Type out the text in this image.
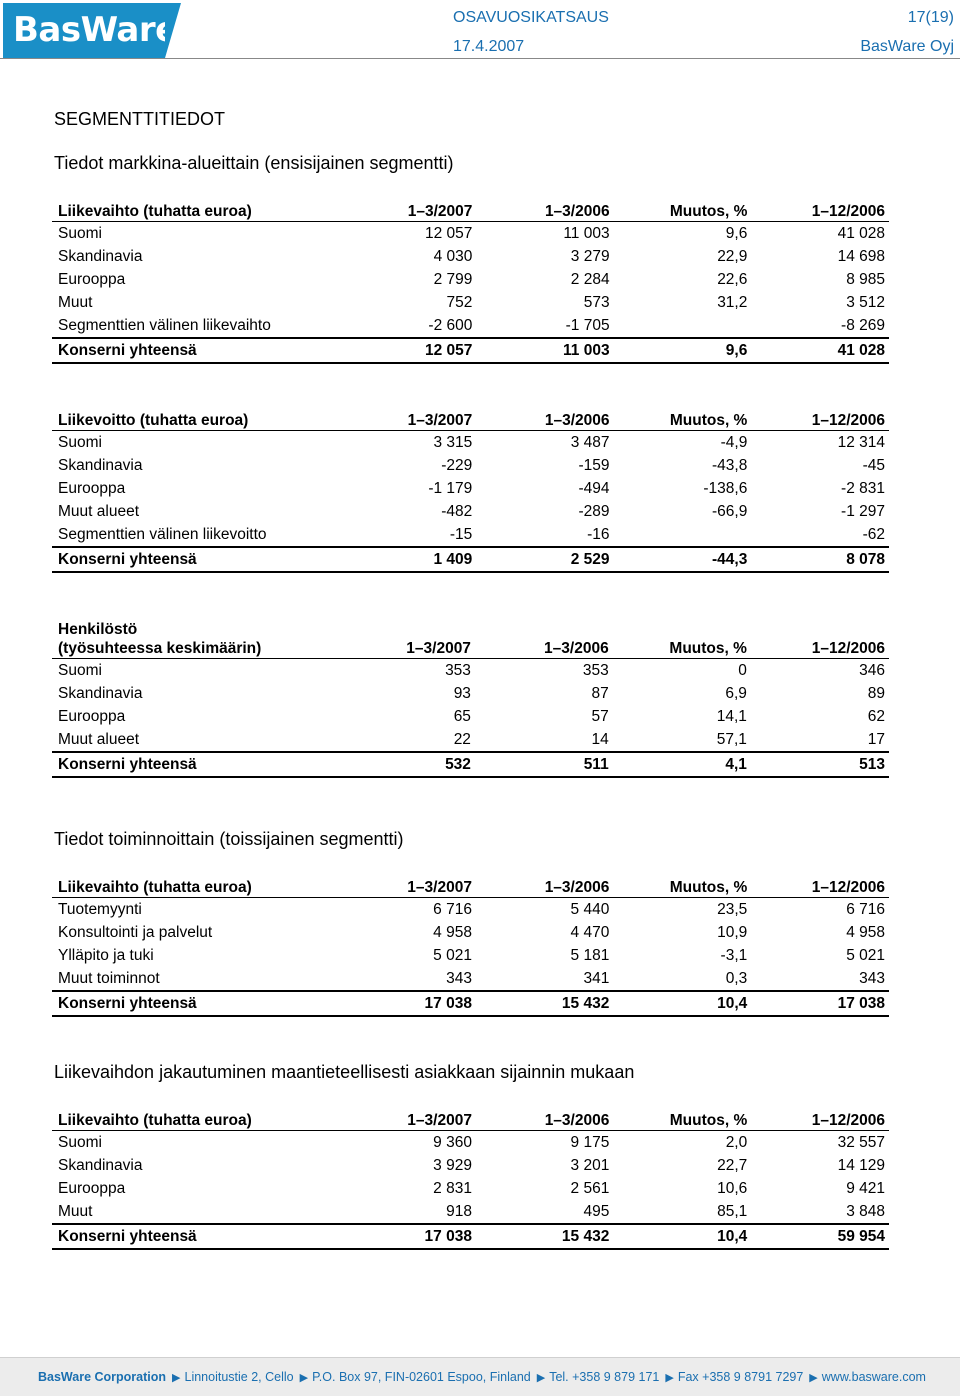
BasWare	OSAVUOSIKATSAUS	17(19)
17.4.2007	BasWare Oyj
SEGMENTTITIEDOT
Tiedot markkina-alueittain (ensisijainen segmentti)
Liikevaihto (tuhatta euroa)	1–3/2007	1–3/2006	Muutos, %	1–12/2006
Suomi	12 057	11 003	9,6	41 028
Skandinavia	4 030	3 279	22,9	14 698
Eurooppa	2 799	2 284	22,6	8 985
Muut	752	573	31,2	3 512
Segmenttien välinen liikevaihto	-2 600	-1 705		-8 269
Konserni yhteensä	12 057	11 003	9,6	41 028
Liikevoitto (tuhatta euroa)	1–3/2007	1–3/2006	Muutos, %	1–12/2006
Suomi	3 315	3 487	-4,9	12 314
Skandinavia	-229	-159	-43,8	-45
Eurooppa	-1 179	-494	-138,6	-2 831
Muut alueet	-482	-289	-66,9	-1 297
Segmenttien välinen liikevoitto	-15	-16		-62
Konserni yhteensä	1 409	2 529	-44,3	8 078
Henkilöstö
(työsuhteessa keskimäärin)	1–3/2007	1–3/2006	Muutos, %	1–12/2006
Suomi	353	353	0	346
Skandinavia	93	87	6,9	89
Eurooppa	65	57	14,1	62
Muut alueet	22	14	57,1	17
Konserni yhteensä	532	511	4,1	513
Tiedot toiminnoittain (toissijainen segmentti)
Liikevaihto (tuhatta euroa)	1–3/2007	1–3/2006	Muutos, %	1–12/2006
Tuotemyynti	6 716	5 440	23,5	6 716
Konsultointi ja palvelut	4 958	4 470	10,9	4 958
Ylläpito ja tuki	5 021	5 181	-3,1	5 021
Muut toiminnot	343	341	0,3	343
Konserni yhteensä	17 038	15 432	10,4	17 038
Liikevaihdon jakautuminen maantieteellisesti asiakkaan sijainnin mukaan
Liikevaihto (tuhatta euroa)	1–3/2007	1–3/2006	Muutos, %	1–12/2006
Suomi	9 360	9 175	2,0	32 557
Skandinavia	3 929	3 201	22,7	14 129
Eurooppa	2 831	2 561	10,6	9 421
Muut	918	495	85,1	3 848
Konserni yhteensä	17 038	15 432	10,4	59 954
BasWare Corporation ▶ Linnoitustie 2, Cello ▶ P.O. Box 97, FIN-02601 Espoo, Finland ▶ Tel. +358 9 879 171 ▶ Fax +358 9 8791 7297 ▶ www.basware.com
